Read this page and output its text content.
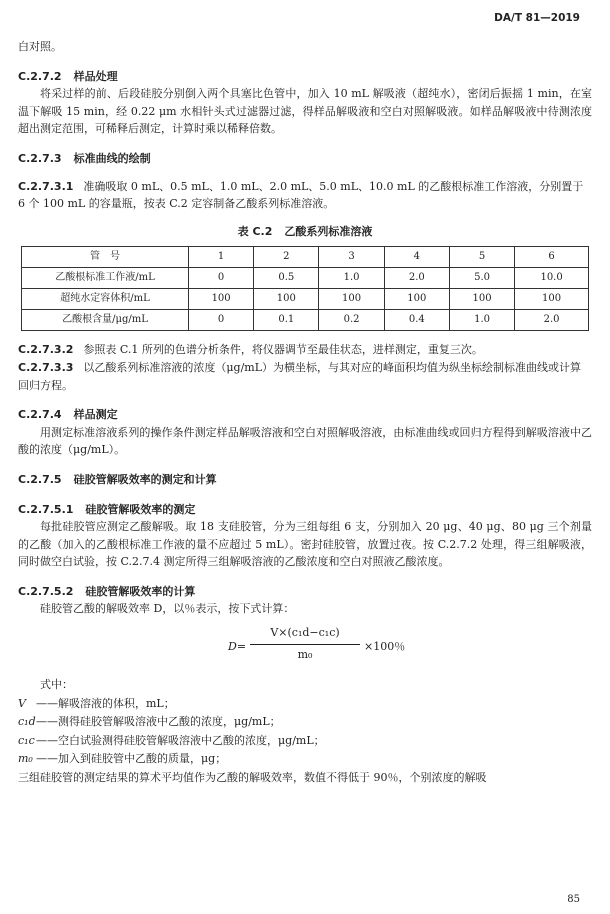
DA/T 81—2019

白对照。

C.2.7.2 样品处理

将采过样的前、后段硅胶分别倒入两个具塞比色管中，加入 10 mL 解吸液（超纯水），密闭后振摇 1 min，在室温下解吸 15 min，经 0.22 μm 水相针头式过滤器过滤，得样品解吸液和空白对照解吸液。如样品解吸液中待测浓度超出测定范围，可稀释后测定，计算时乘以稀释倍数。

C.2.7.3 标准曲线的绘制

C.2.7.3.1 准确吸取 0 mL、0.5 mL、1.0 mL、2.0 mL、5.0 mL、10.0 mL 的乙酸根标准工作溶液，分别置于 6 个 100 mL 的容量瓶，按表 C.2 定容制备乙酸系列标准溶液。

表 C.2 乙酸系列标准溶液

管　号	1	2	3	4	5	6
乙酸根标准工作液/mL	0	0.5	1.0	2.0	5.0	10.0
超纯水定容体积/mL	100	100	100	100	100	100
乙酸根含量/μg/mL	0	0.1	0.2	0.4	1.0	2.0

C.2.7.3.2 参照表 C.1 所列的色谱分析条件，将仪器调节至最佳状态，进样测定，重复三次。

C.2.7.3.3 以乙酸系列标准溶液的浓度（μg/mL）为横坐标，与其对应的峰面积均值为纵坐标绘制标准曲线或计算回归方程。

C.2.7.4 样品测定

用测定标准溶液系列的操作条件测定样品解吸溶液和空白对照解吸溶液，由标准曲线或回归方程得到解吸溶液中乙酸的浓度（μg/mL）。

C.2.7.5 硅胶管解吸效率的测定和计算

C.2.7.5.1 硅胶管解吸效率的测定

每批硅胶管应测定乙酸解吸。取 18 支硅胶管，分为三组每组 6 支，分别加入 20 μg、40 μg、80 μg 三个剂量的乙酸（加入的乙酸根标准工作液的量不应超过 5 mL）。密封硅胶管，放置过夜。按 C.2.7.2 处理，得三组解吸液，同时做空白试验，按 C.2.7.4 测定所得三组解吸溶液的乙酸浓度和空白对照液乙酸浓度。

C.2.7.5.2 硅胶管解吸效率的计算

硅胶管乙酸的解吸效率 D，以％表示，按下式计算：

$D= \frac{\text{V×(c₁d−c₁c)}}{\text{m₀}} \times 100$％

式中：

V ——解吸溶液的体积，mL；

c₁d——测得硅胶管解吸溶液中乙酸的浓度，μg/mL；

c₁c——空白试验测得硅胶管解吸溶液中乙酸的浓度，μg/mL；

m₀ ——加入到硅胶管中乙酸的质量，μg；

三组硅胶管的测定结果的算术平均值作为乙酸的解吸效率，数值不得低于 90％，个别浓度的解吸

85
